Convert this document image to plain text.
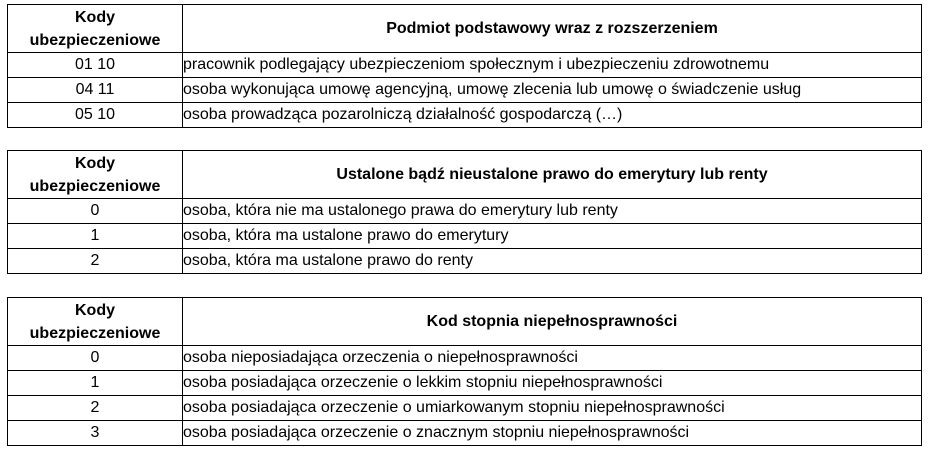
Kody
ubezpieczeniowe	Podmiot podstawowy wraz z rozszerzeniem
01 10	pracownik podlegający ubezpieczeniom społecznym i ubezpieczeniu zdrowotnemu
04 11	osoba wykonująca umowę agencyjną, umowę zlecenia lub umowę o świadczenie usług
05 10	osoba prowadząca pozarolniczą działalność gospodarczą (…)
Kody
ubezpieczeniowe	Ustalone bądź nieustalone prawo do emerytury lub renty
0	osoba, która nie ma ustalonego prawa do emerytury lub renty
1	osoba, która ma ustalone prawo do emerytury
2	osoba, która ma ustalone prawo do renty
Kody
ubezpieczeniowe	Kod stopnia niepełnosprawności
0	osoba nieposiadająca orzeczenia o niepełnosprawności
1	osoba posiadająca orzeczenie o lekkim stopniu niepełnosprawności
2	osoba posiadająca orzeczenie o umiarkowanym stopniu niepełnosprawności
3	osoba posiadająca orzeczenie o znacznym stopniu niepełnosprawności
